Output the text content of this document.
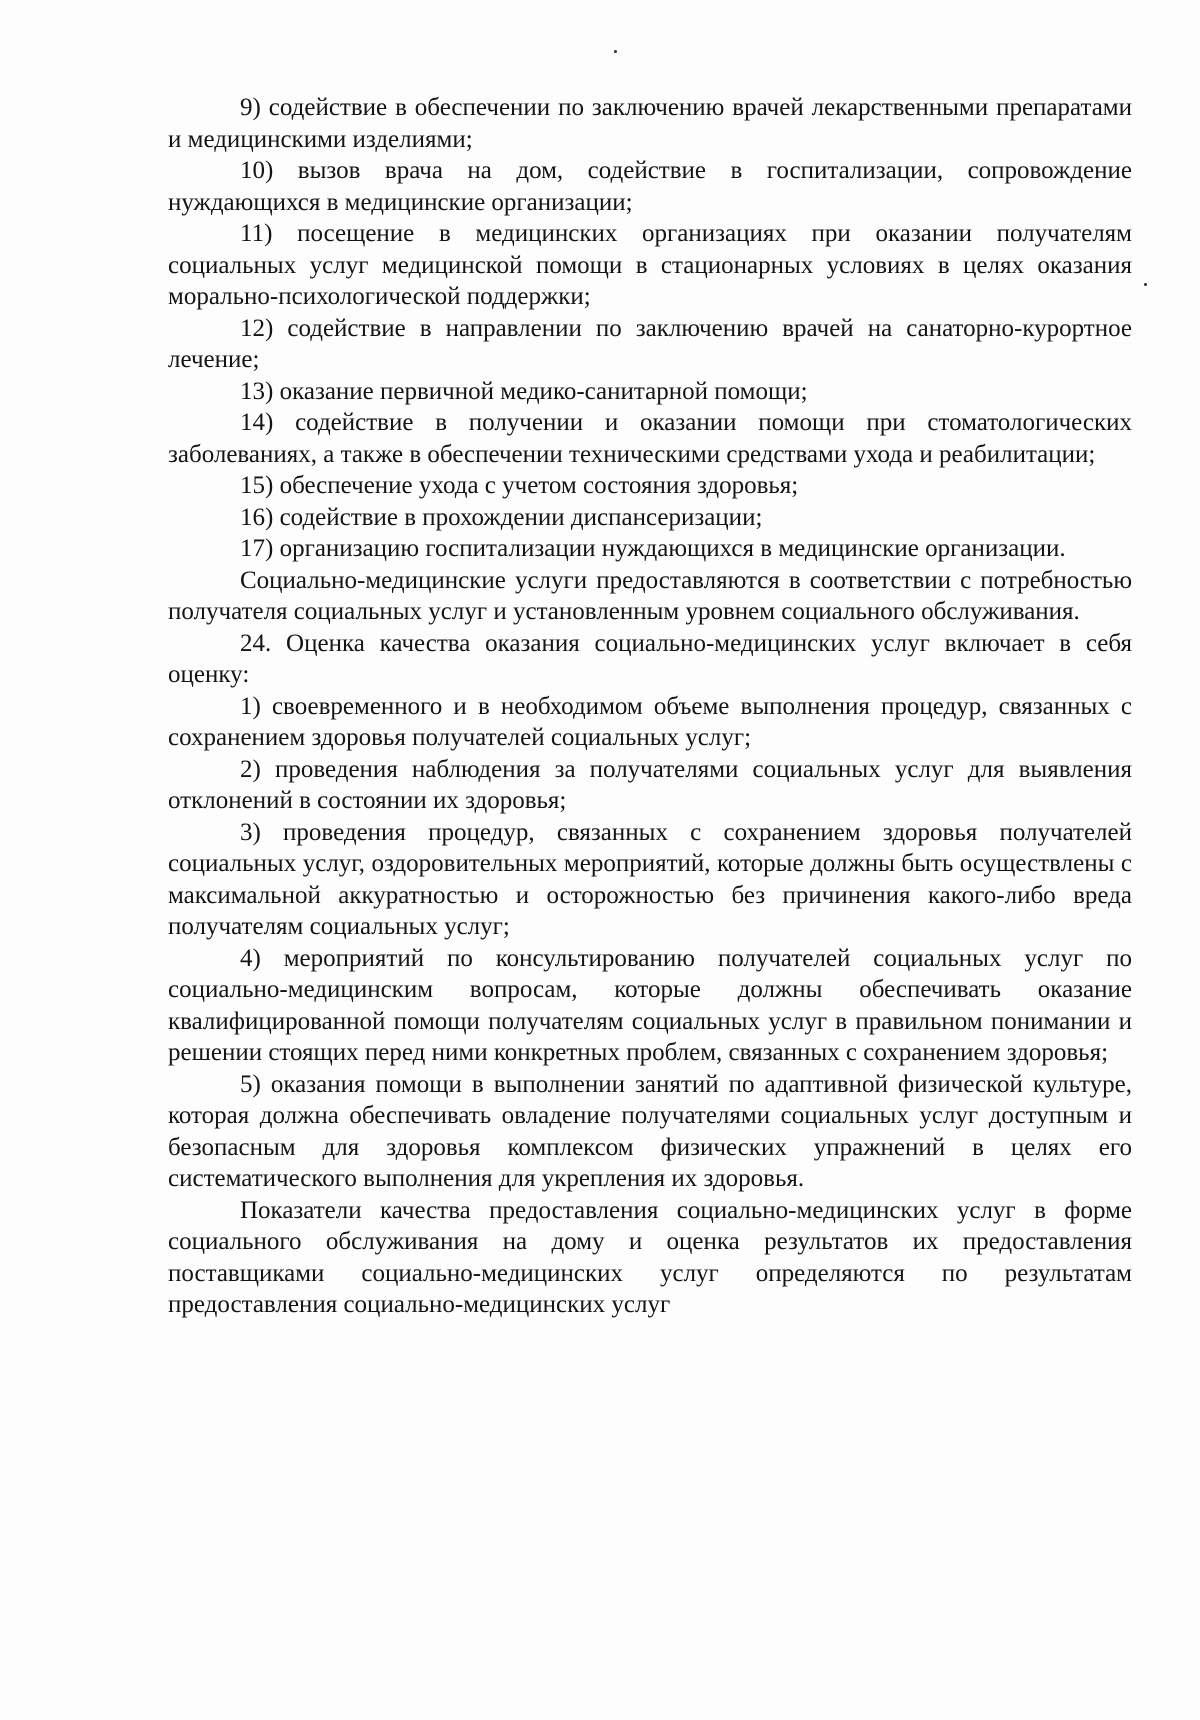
9) содействие в обеспечении по заключению врачей лекарственными препаратами и медицинскими изделиями;

10) вызов врача на дом, содействие в госпитализации, сопровождение нуждающихся в медицинские организации;

11) посещение в медицинских организациях при оказании получателям социальных услуг медицинской помощи в стационарных условиях в целях оказания морально-психологической поддержки;

12) содействие в направлении по заключению врачей на санаторно-курортное лечение;

13) оказание первичной медико-санитарной помощи;

14) содействие в получении и оказании помощи при стоматологических заболеваниях, а также в обеспечении техническими средствами ухода и реабилитации;

15) обеспечение ухода с учетом состояния здоровья;

16) содействие в прохождении диспансеризации;

17) организацию госпитализации нуждающихся в медицинские организации.

Социально-медицинские услуги предоставляются в соответствии с потребностью получателя социальных услуг и установленным уровнем социального обслуживания.

24. Оценка качества оказания социально-медицинских услуг включает в себя оценку:

1) своевременного и в необходимом объеме выполнения процедур, связанных с сохранением здоровья получателей социальных услуг;

2) проведения наблюдения за получателями социальных услуг для выявления отклонений в состоянии их здоровья;

3) проведения процедур, связанных с сохранением здоровья получателей социальных услуг, оздоровительных мероприятий, которые должны быть осуществлены с максимальной аккуратностью и осторожностью без причинения какого-либо вреда получателям социальных услуг;

4) мероприятий по консультированию получателей социальных услуг по социально-медицинским вопросам, которые должны обеспечивать оказание квалифицированной помощи получателям социальных услуг в правильном понимании и решении стоящих перед ними конкретных проблем, связанных с сохранением здоровья;

5) оказания помощи в выполнении занятий по адаптивной физической культуре, которая должна обеспечивать овладение получателями социальных услуг доступным и безопасным для здоровья комплексом физических упражнений в целях его систематического выполнения для укрепления их здоровья.

Показатели качества предоставления социально-медицинских услуг в форме социального обслуживания на дому и оценка результатов их предоставления поставщиками социально-медицинских услуг определяются по результатам предоставления социально-медицинских услуг
